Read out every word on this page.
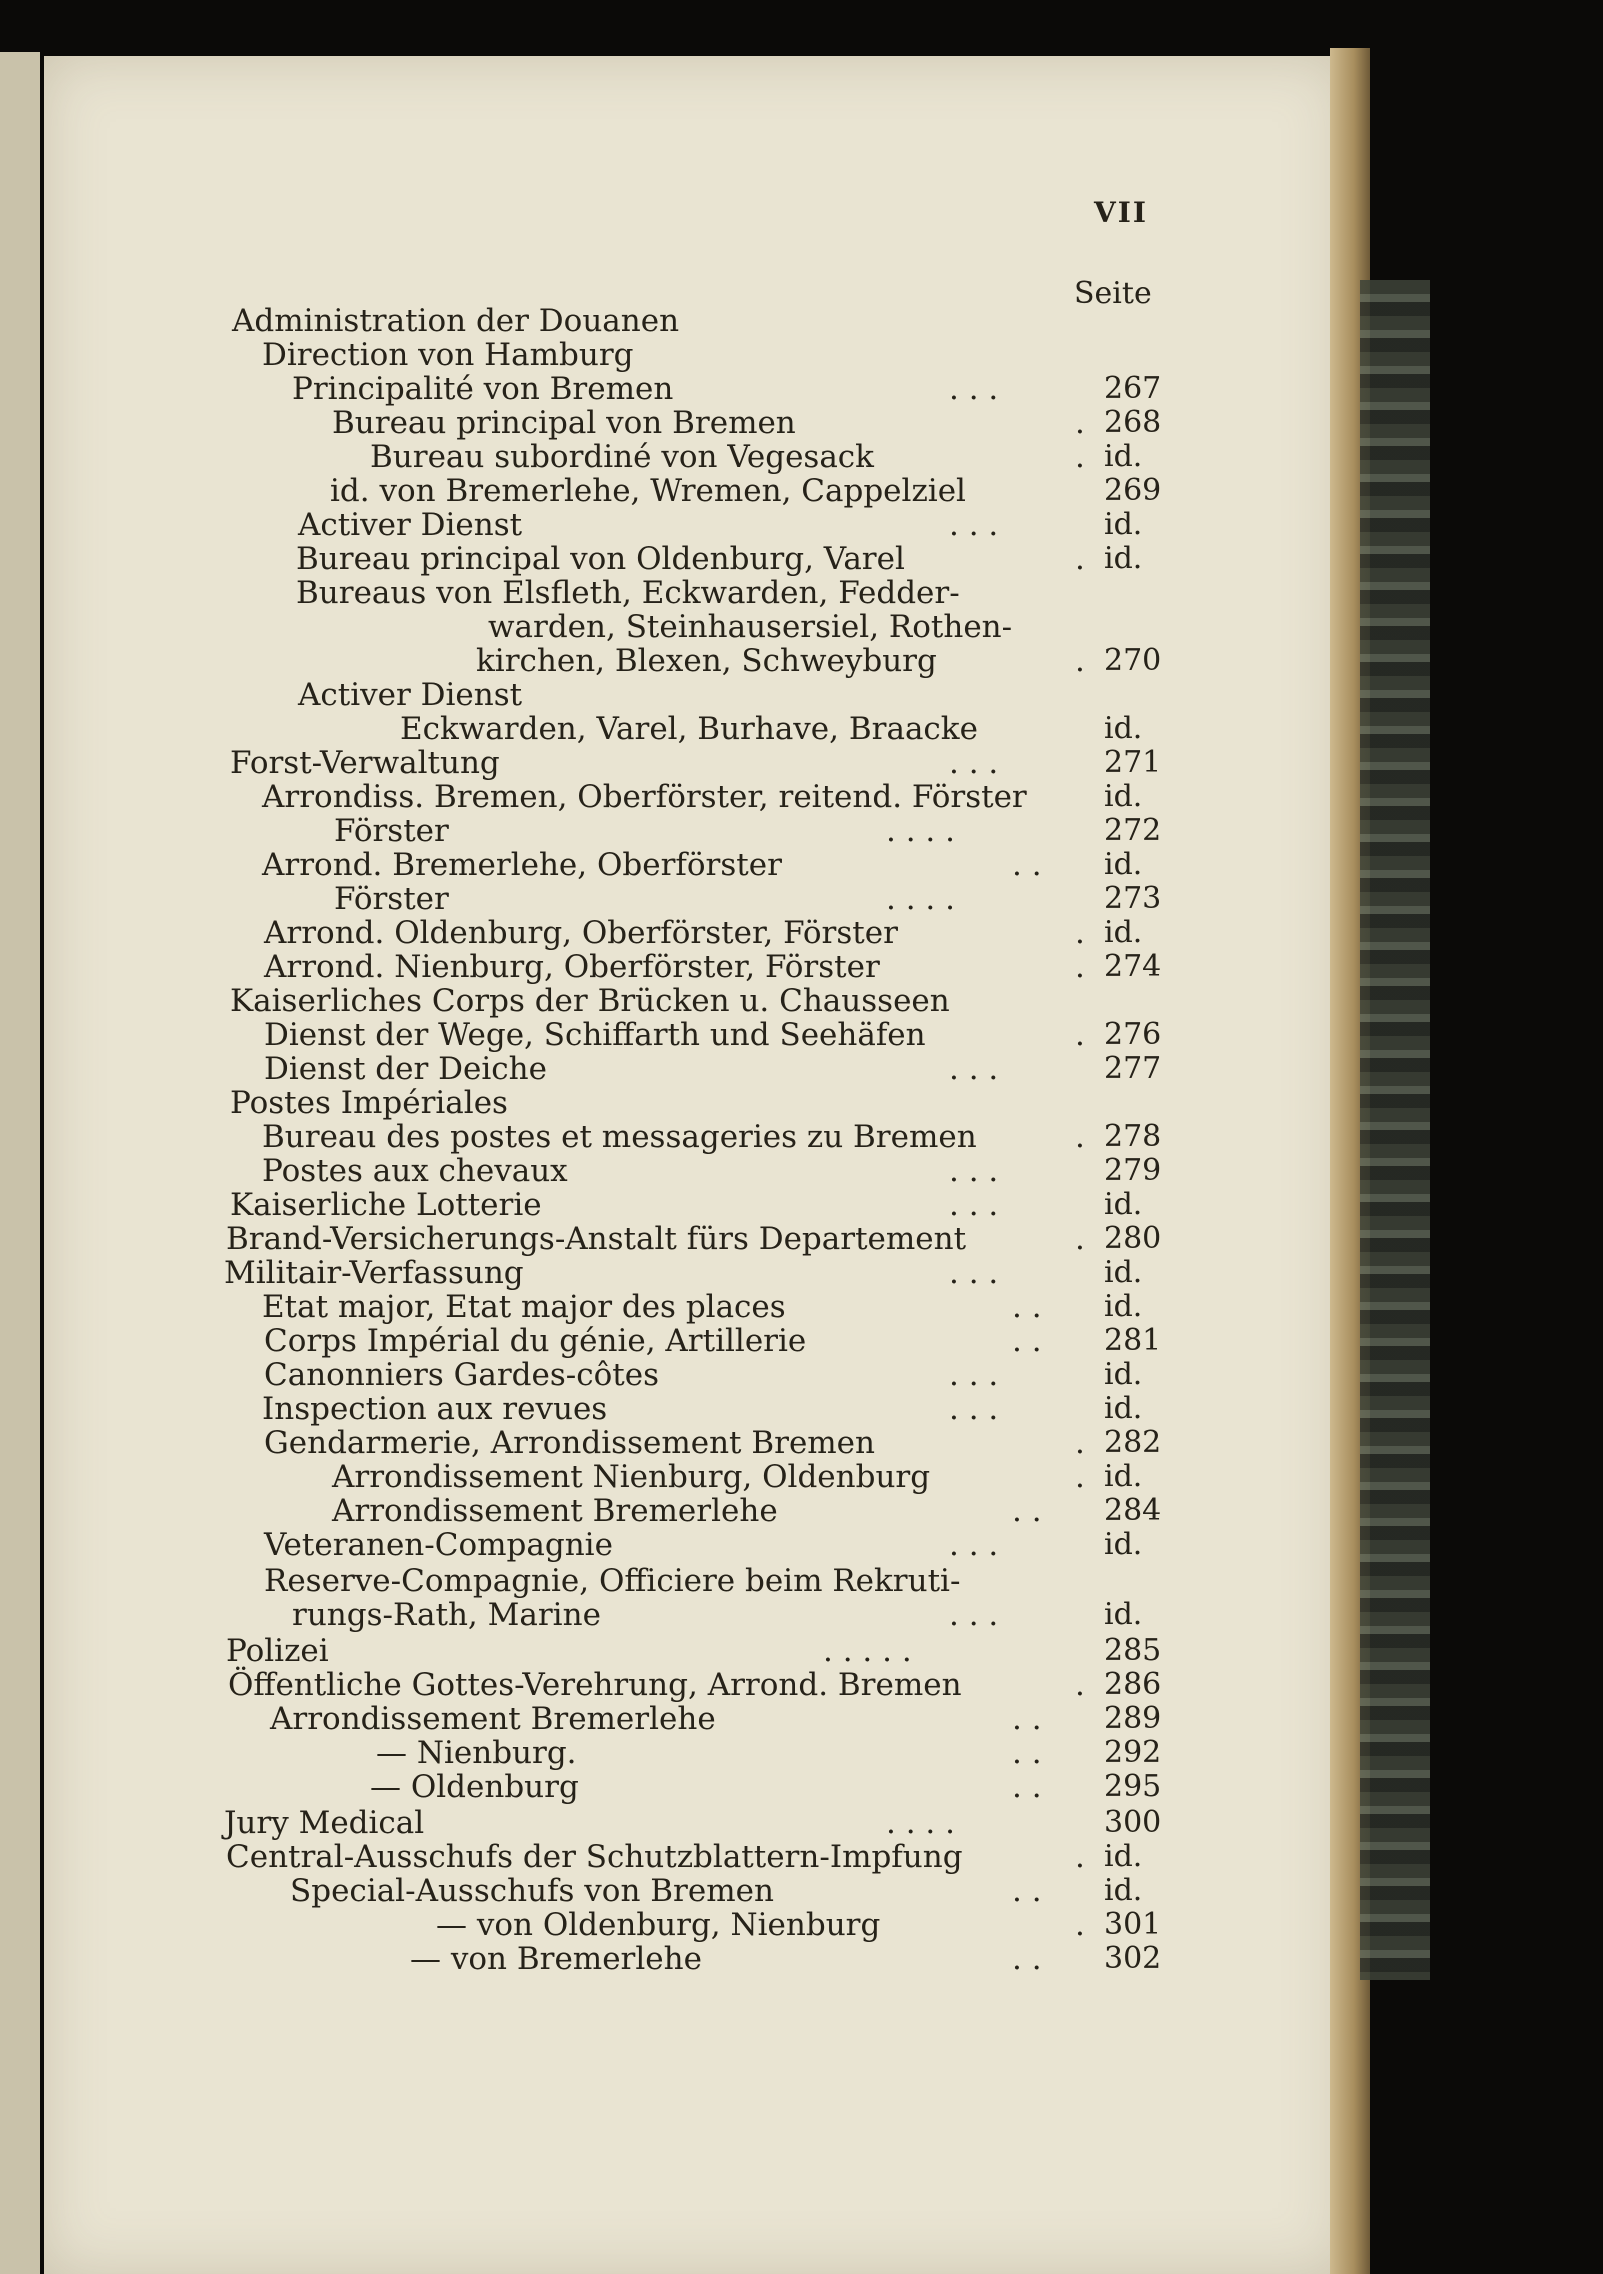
VII
Seite
Administration der Douanen
Direction von Hamburg
Principalité von Bremen	. . .	267
Bureau principal von Bremen	. 268
Bureau subordiné von Vegesack	. id.
id. von Bremerlehe, Wremen, Cappelziel	269
Activer Dienst	. . .	id.
Bureau principal von Oldenburg, Varel	. id.
Bureaus von Elsfleth, Eckwarden, Fedder-
warden, Steinhausersiel, Rothen-
kirchen, Blexen, Schweyburg	. 270
Activer Dienst
Eckwarden, Varel, Burhave, Braacke	id.
Forst-Verwaltung	. . .	271
Arrondiss. Bremen, Oberförster, reitend. Förster	id.
Förster	. . . .	272
Arrond. Bremerlehe, Oberförster	. . id.
Förster	. . . .	273
Arrond. Oldenburg, Oberförster, Förster	. id.
Arrond. Nienburg, Oberförster, Förster	. 274
Kaiserliches Corps der Brücken u. Chausseen
Dienst der Wege, Schiffarth und Seehäfen	. 276
Dienst der Deiche	. . .	277
Postes Impériales
Bureau des postes et messageries zu Bremen	. 278
Postes aux chevaux	. . .	279
Kaiserliche Lotterie	. . .	id.
Brand-Versicherungs-Anstalt fürs Departement	. 280
Militair-Verfassung	. . .	id.
Etat major, Etat major des places	. . id.
Corps Impérial du génie, Artillerie	. . 281
Canonniers Gardes-côtes	. . .	id.
Inspection aux revues	. . .	id.
Gendarmerie, Arrondissement Bremen	. 282
Arrondissement Nienburg, Oldenburg	. id.
Arrondissement Bremerlehe	. . 284
Veteranen-Compagnie	. . .	id.
Reserve-Compagnie, Officiere beim Rekruti-
rungs-Rath, Marine	. . .	id.
Polizei	. . . . .	285
Öffentliche Gottes-Verehrung, Arrond. Bremen	. 286
Arrondissement Bremerlehe	. . 289
— Nienburg.	. . 292
— Oldenburg	. . 295
Jury Medical	. . . .	300
Central-Ausschufs der Schutzblattern-Impfung	. id.
Special-Ausschufs von Bremen	. . id.
— von Oldenburg, Nienburg	. 301
— von Bremerlehe	. . 302
